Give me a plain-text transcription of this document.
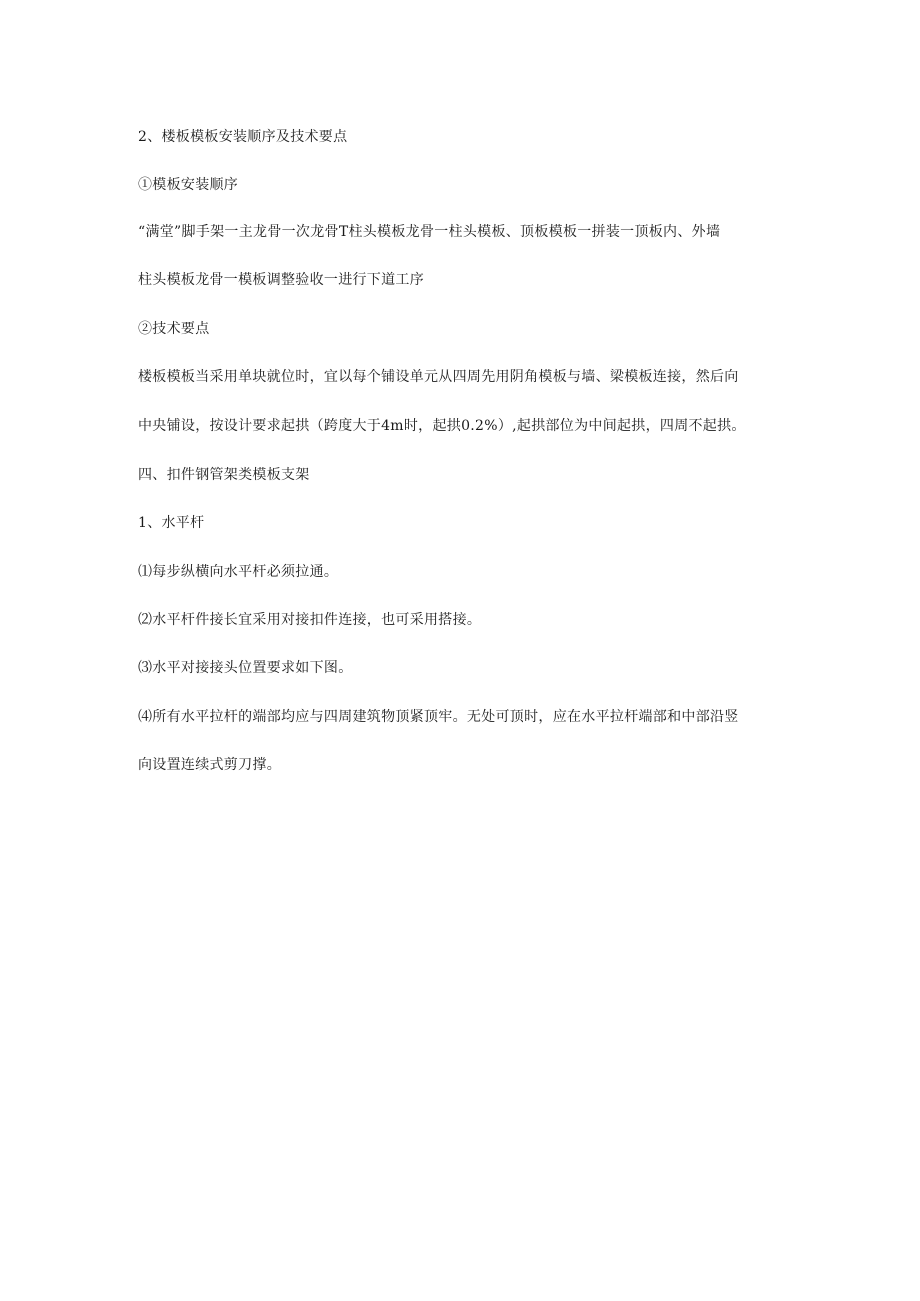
2、楼板模板安装顺序及技术要点
①模板安装顺序
“满堂”脚手架一主龙骨一次龙骨T柱头模板龙骨一柱头模板、顶板模板一拼装一顶板内、外墙
柱头模板龙骨一模板调整验收一进行下道工序
②技术要点
楼板模板当采用单块就位时，宜以每个铺设单元从四周先用阴角模板与墙、梁模板连接，然后向
中央铺设，按设计要求起拱（跨度大于4m时，起拱0.2%）,起拱部位为中间起拱，四周不起拱。
四、扣件钢管架类模板支架
1、水平杆
⑴每步纵横向水平杆必须拉通。
⑵水平杆件接长宜采用对接扣件连接，也可采用搭接。
⑶水平对接接头位置要求如下图。
⑷所有水平拉杆的端部均应与四周建筑物顶紧顶牢。无处可顶时，应在水平拉杆端部和中部沿竖
向设置连续式剪刀撑。
